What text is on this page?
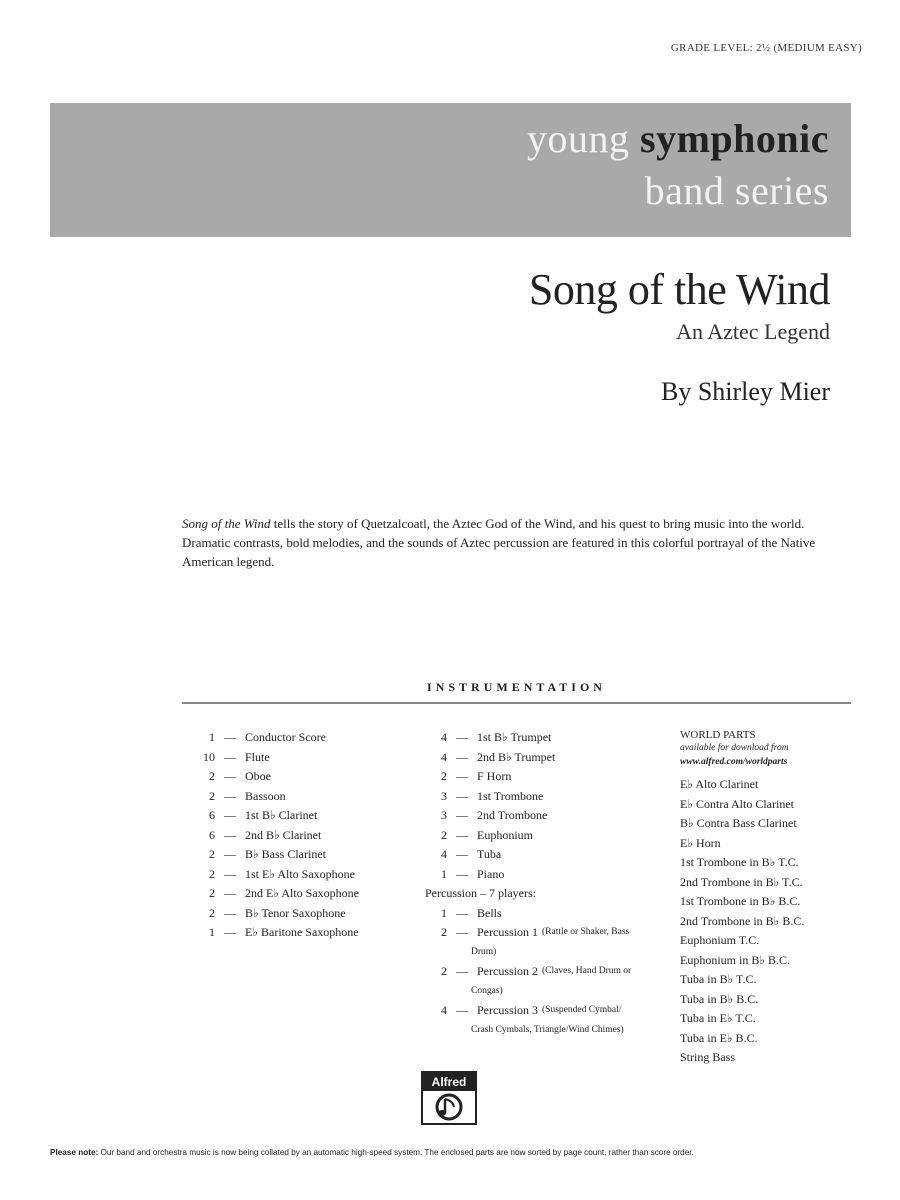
GRADE LEVEL: 2½ (MEDIUM EASY)
young symphonic
band series
Song of the Wind
An Aztec Legend
By Shirley Mier
Song of the Wind tells the story of Quetzalcoatl, the Aztec God of the Wind, and his quest to bring music into the world. Dramatic contrasts, bold melodies, and the sounds of Aztec percussion are featured in this colorful portrayal of the Native American legend.
INSTRUMENTATION
1 — Conductor Score
10 — Flute
2 — Oboe
2 — Bassoon
6 — 1st B♭ Clarinet
6 — 2nd B♭ Clarinet
2 — B♭ Bass Clarinet
2 — 1st E♭ Alto Saxophone
2 — 2nd E♭ Alto Saxophone
2 — B♭ Tenor Saxophone
1 — E♭ Baritone Saxophone
4 — 1st B♭ Trumpet
4 — 2nd B♭ Trumpet
2 — F Horn
3 — 1st Trombone
3 — 2nd Trombone
2 — Euphonium
4 — Tuba
1 — Piano
Percussion – 7 players:
1 — Bells
2 — Percussion 1 (Rattle or Shaker, Bass
Drum)
2 — Percussion 2 (Claves, Hand Drum or
Congas)
4 — Percussion 3 (Suspended Cymbal/
Crash Cymbals, Triangle/Wind Chimes)
WORLD PARTS
available for download from
www.alfred.com/worldparts
E♭ Alto Clarinet
E♭ Contra Alto Clarinet
B♭ Contra Bass Clarinet
E♭ Horn
1st Trombone in B♭ T.C.
2nd Trombone in B♭ T.C.
1st Trombone in B♭ B.C.
2nd Trombone in B♭ B.C.
Euphonium T.C.
Euphonium in B♭ B.C.
Tuba in B♭ T.C.
Tuba in B♭ B.C.
Tuba in E♭ T.C.
Tuba in E♭ B.C.
String Bass
Alfred
Please note: Our band and orchestra music is now being collated by an automatic high-speed system. The enclosed parts are now sorted by page count, rather than score order.
